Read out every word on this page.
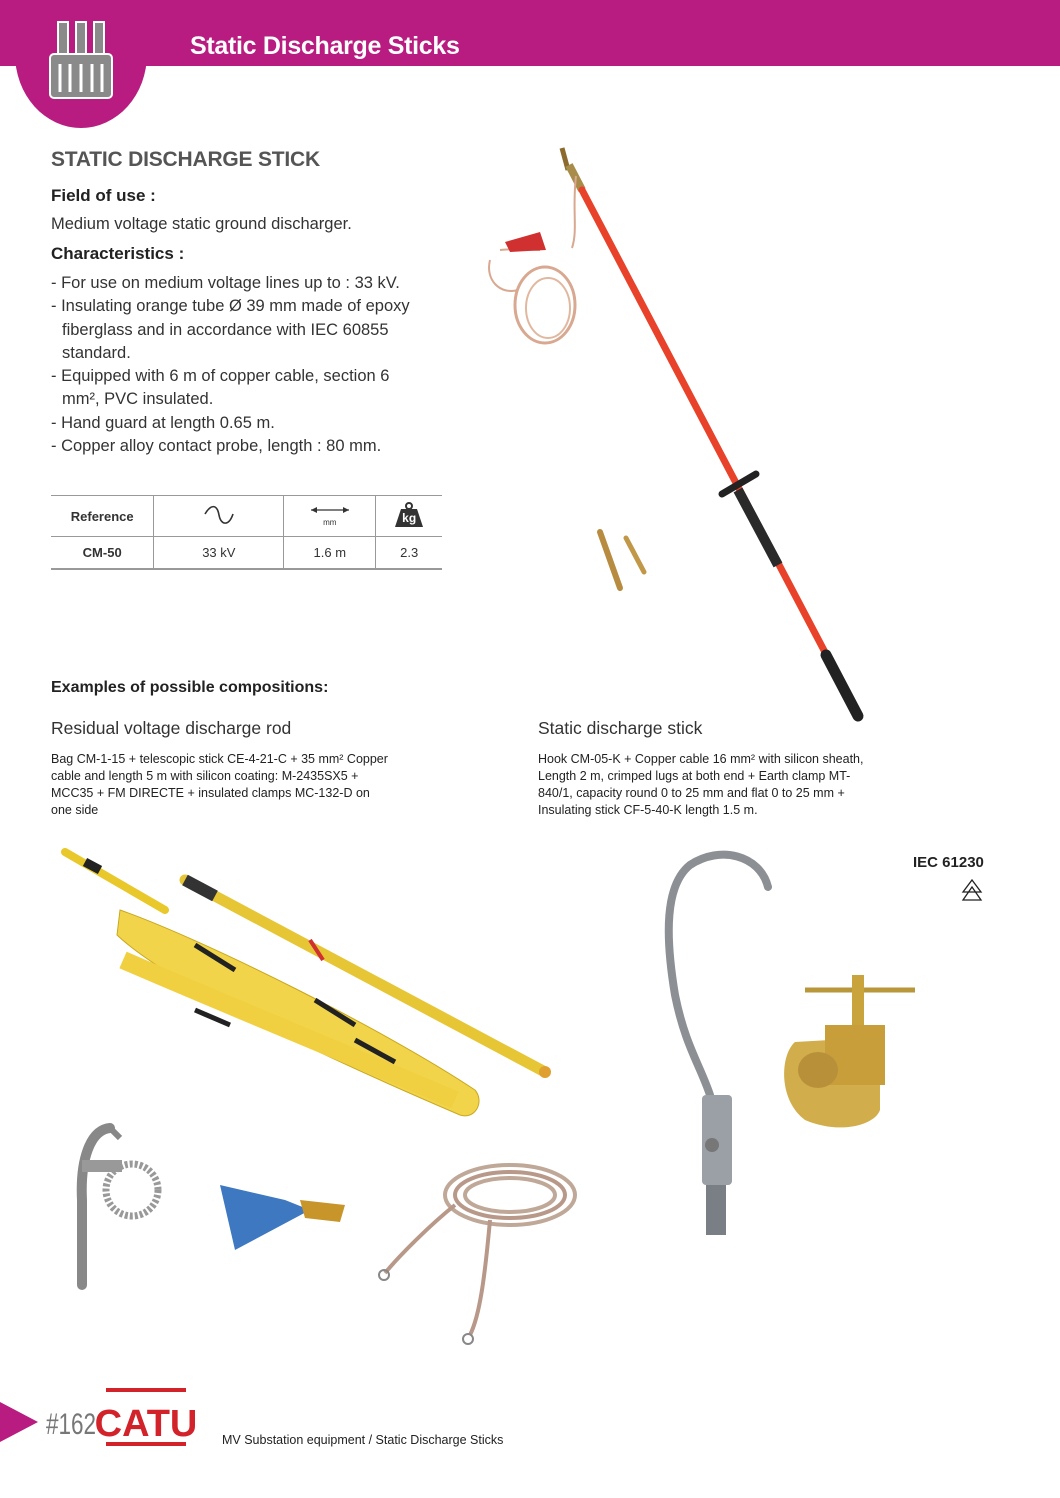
Static Discharge Sticks
STATIC DISCHARGE STICK
Field of use :
Medium voltage static ground discharger.
Characteristics :
- For use on medium voltage lines up to : 33 kV.
- Insulating orange tube Ø 39 mm made of epoxy fiberglass and in accordance with IEC 60855 standard.
- Equipped with 6 m of copper cable, section 6 mm², PVC insulated.
- Hand guard at length 0.65 m.
- Copper alloy contact probe, length : 80 mm.
Reference		mm	kg

CM-50	33 kV	1.6 m	2.3
Examples of possible compositions:
Residual voltage discharge rod
Bag CM-1-15 + telescopic stick CE-4-21-C + 35 mm² Copper cable and length 5 m with silicon coating: M-2435SX5 + MCC35 + FM DIRECTE + insulated clamps MC-132-D on one side
Static discharge stick
Hook CM-05-K + Copper cable 16 mm² with silicon sheath, Length 2 m, crimped lugs at both end + Earth clamp MT-840/1, capacity round 0 to 25 mm and flat 0 to 25 mm + Insulating stick CF-5-40-K length 1.5 m.
IEC 61230
#162
CATU MV Substation equipment / Static Discharge Sticks
